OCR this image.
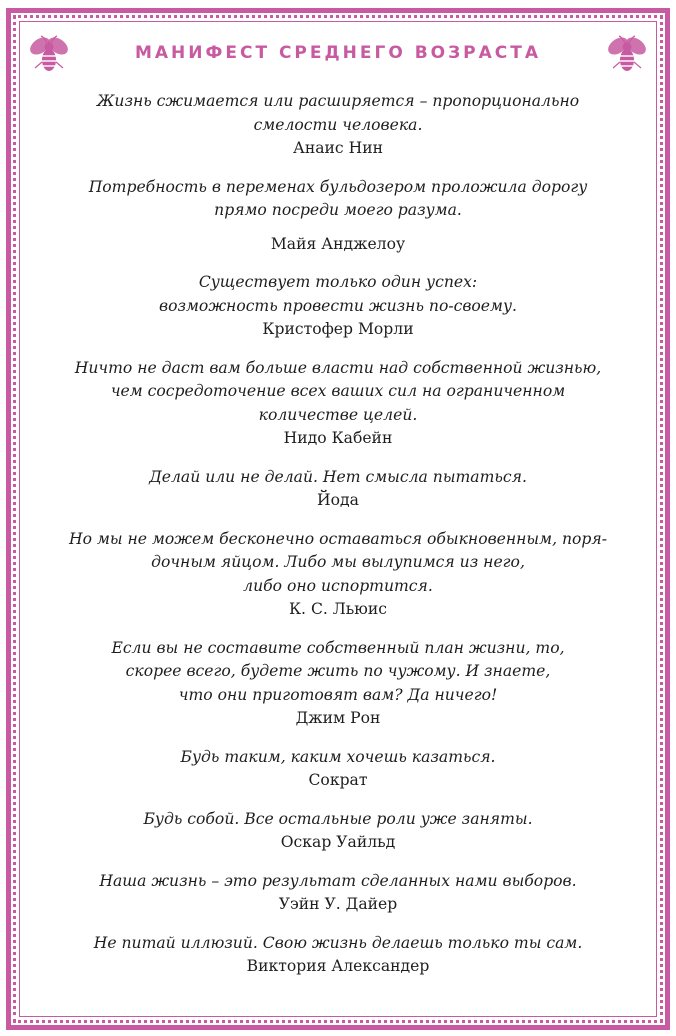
МАНИФЕСТ СРЕДНЕГО ВОЗРАСТА
Жизнь сжимается или расширяется – пропорционально
смелости человека.
Анаис Нин
Потребность в переменах бульдозером проложила дорогу
прямо посреди моего разума.
Майя Анджелоу
Существует только один успех:
возможность провести жизнь по-своему.
Кристофер Морли
Ничто не даст вам больше власти над собственной жизнью,
чем сосредоточение всех ваших сил на ограниченном
количестве целей.
Нидо Кабейн
Делай или не делай. Нет смысла пытаться.
Йода
Но мы не можем бесконечно оставаться обыкновенным, поря-
дочным яйцом. Либо мы вылупимся из него,
либо оно испортится.
К. С. Льюис
Если вы не составите собственный план жизни, то,
скорее всего, будете жить по чужому. И знаете,
что они приготовят вам? Да ничего!
Джим Рон
Будь таким, каким хочешь казаться.
Сократ
Будь собой. Все остальные роли уже заняты.
Оскар Уайльд
Наша жизнь – это результат сделанных нами выборов.
Уэйн У. Дайер
Не питай иллюзий. Свою жизнь делаешь только ты сам.
Виктория Александер
